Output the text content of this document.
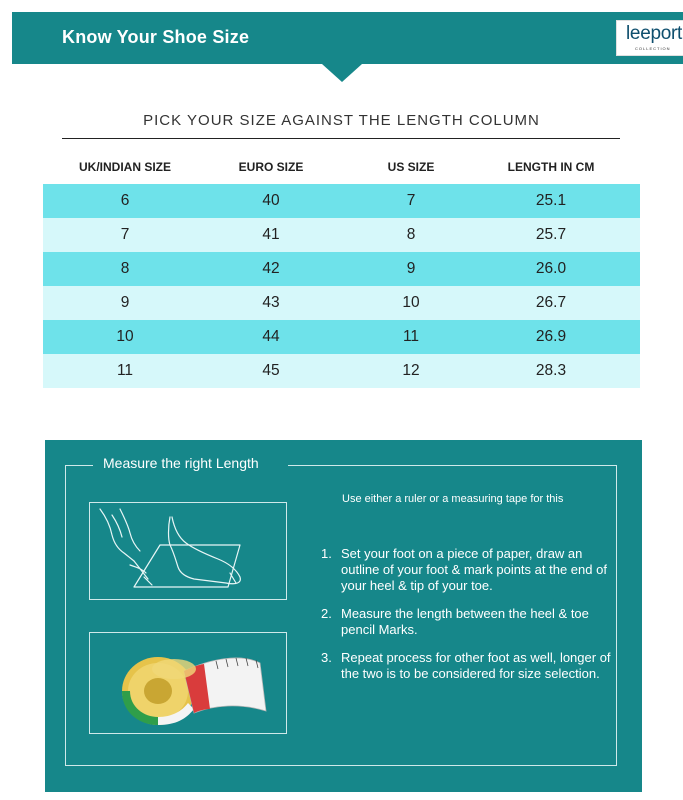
Know Your Shoe Size	leeport
COLLECTION
PICK YOUR SIZE AGAINST THE LENGTH COLUMN
UK/INDIAN SIZE	EURO SIZE	US SIZE	LENGTH IN CM
6	40	7	25.1
7	41	8	25.7
8	42	9	26.0
9	43	10	26.7
10	44	11	26.9
11	45	12	28.3
Measure the right Length
Use either a ruler or a measuring tape for this
1. Set your foot on a piece of paper, draw an outline of your foot & mark points at the end of your heel & tip of your toe.
2. Measure the length between the heel & toe pencil Marks.
3. Repeat process for other foot as well, longer of the two is to be considered for size selection.
